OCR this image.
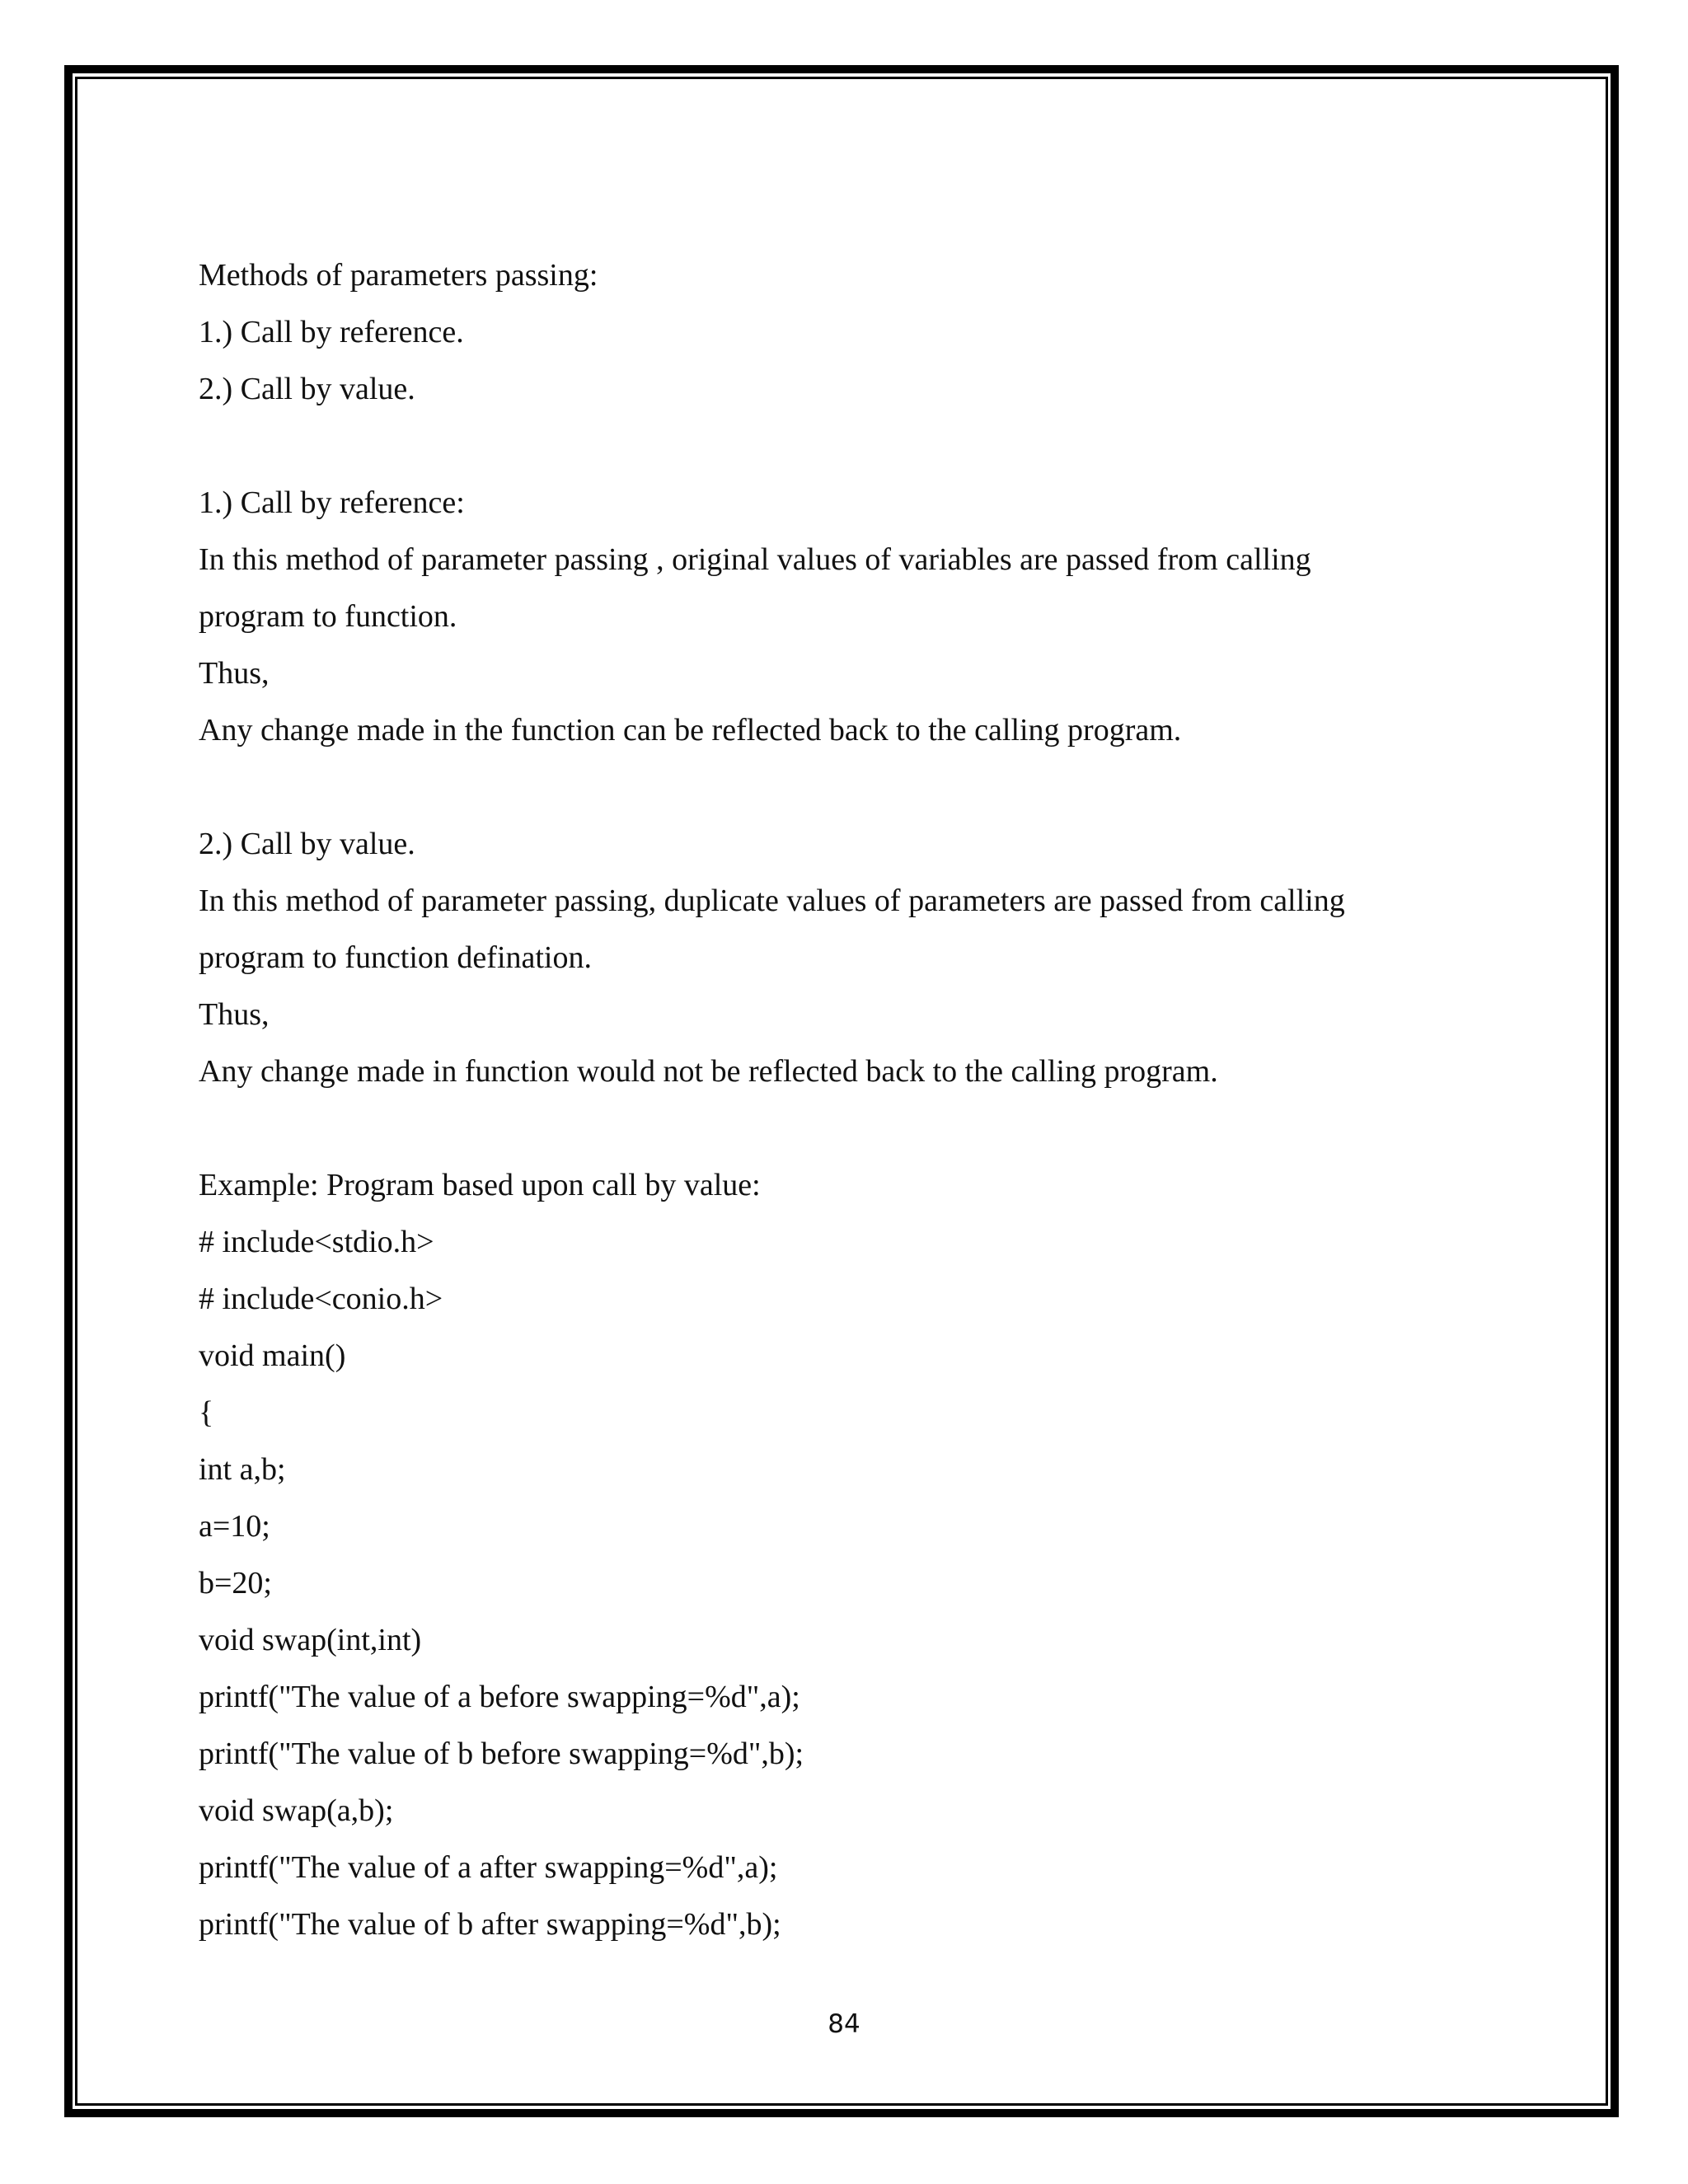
Methods of parameters passing:
1.) Call by reference.
2.) Call by value.
1.) Call by reference:
In this method of parameter passing , original values of variables are passed from calling
program to function.
Thus,
Any change made in the function can be reflected back to the calling program.
2.) Call by value.
In this method of parameter passing, duplicate values of parameters are passed from calling
program to function defination.
Thus,
Any change made in function would not be reflected back to the calling program.
Example: Program based upon call by value:
# include<stdio.h>
# include<conio.h>
void main()
{
int a,b;
a=10;
b=20;
void swap(int,int)
printf("The value of a before swapping=%d",a);
printf("The value of b before swapping=%d",b);
void swap(a,b);
printf("The value of a after swapping=%d",a);
printf("The value of b after swapping=%d",b);
84
